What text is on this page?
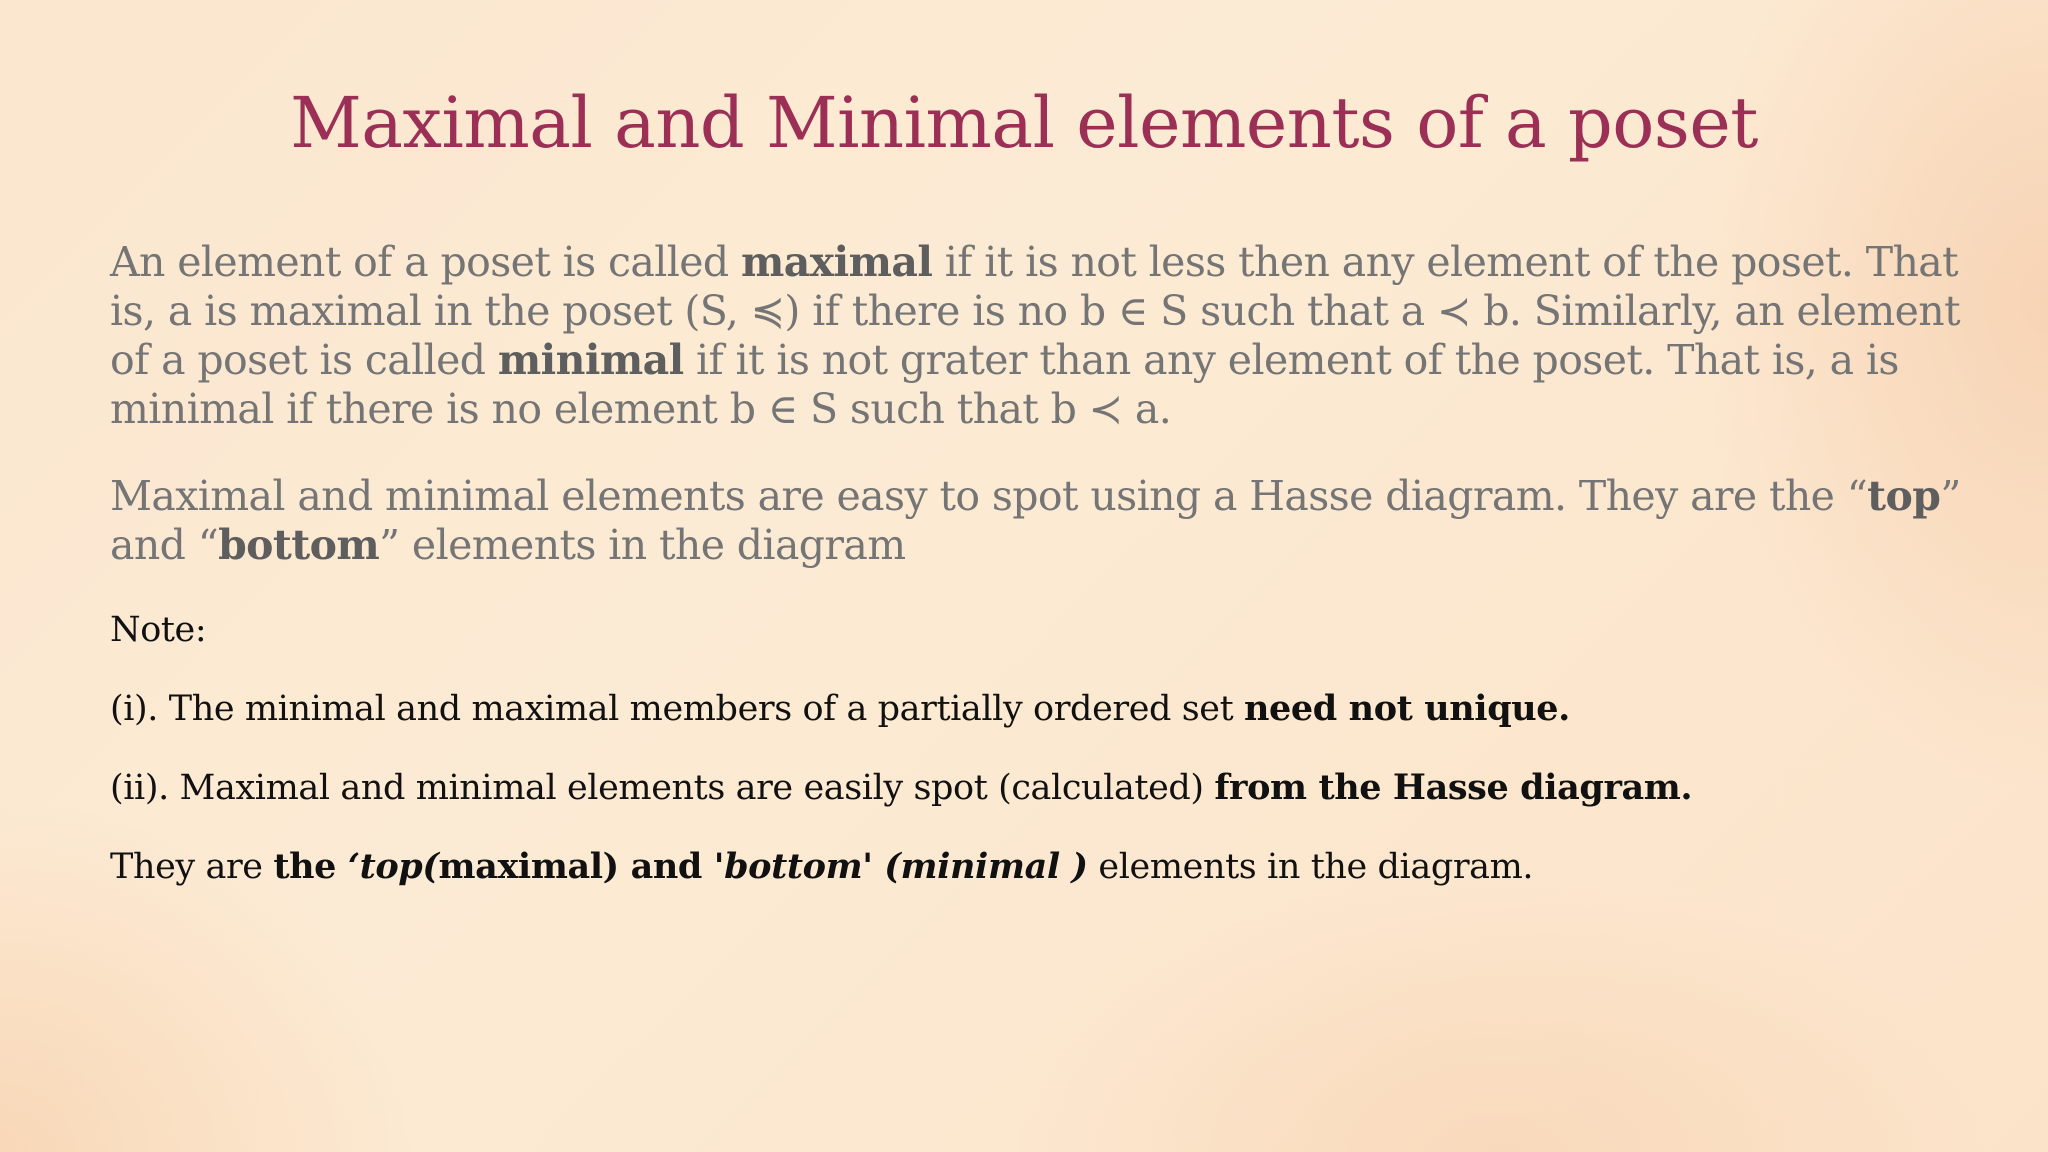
Maximal and Minimal elements of a poset

An element of a poset is called maximal if it is not less then any element of the poset. That is, a is maximal in the poset (S, ≼) if there is no b ∈ S such that a ≺ b. Similarly, an element of a poset is called minimal if it is not grater than any element of the poset. That is, a is minimal if there is no element b ∈ S such that b ≺ a.

Maximal and minimal elements are easy to spot using a Hasse diagram. They are the “top” and “bottom” elements in the diagram

Note:

(i). The minimal and maximal members of a partially ordered set need not unique.

(ii). Maximal and minimal elements are easily spot (calculated) from the Hasse diagram.

They are the ‘top(maximal) and 'bottom' (minimal ) elements in the diagram.
